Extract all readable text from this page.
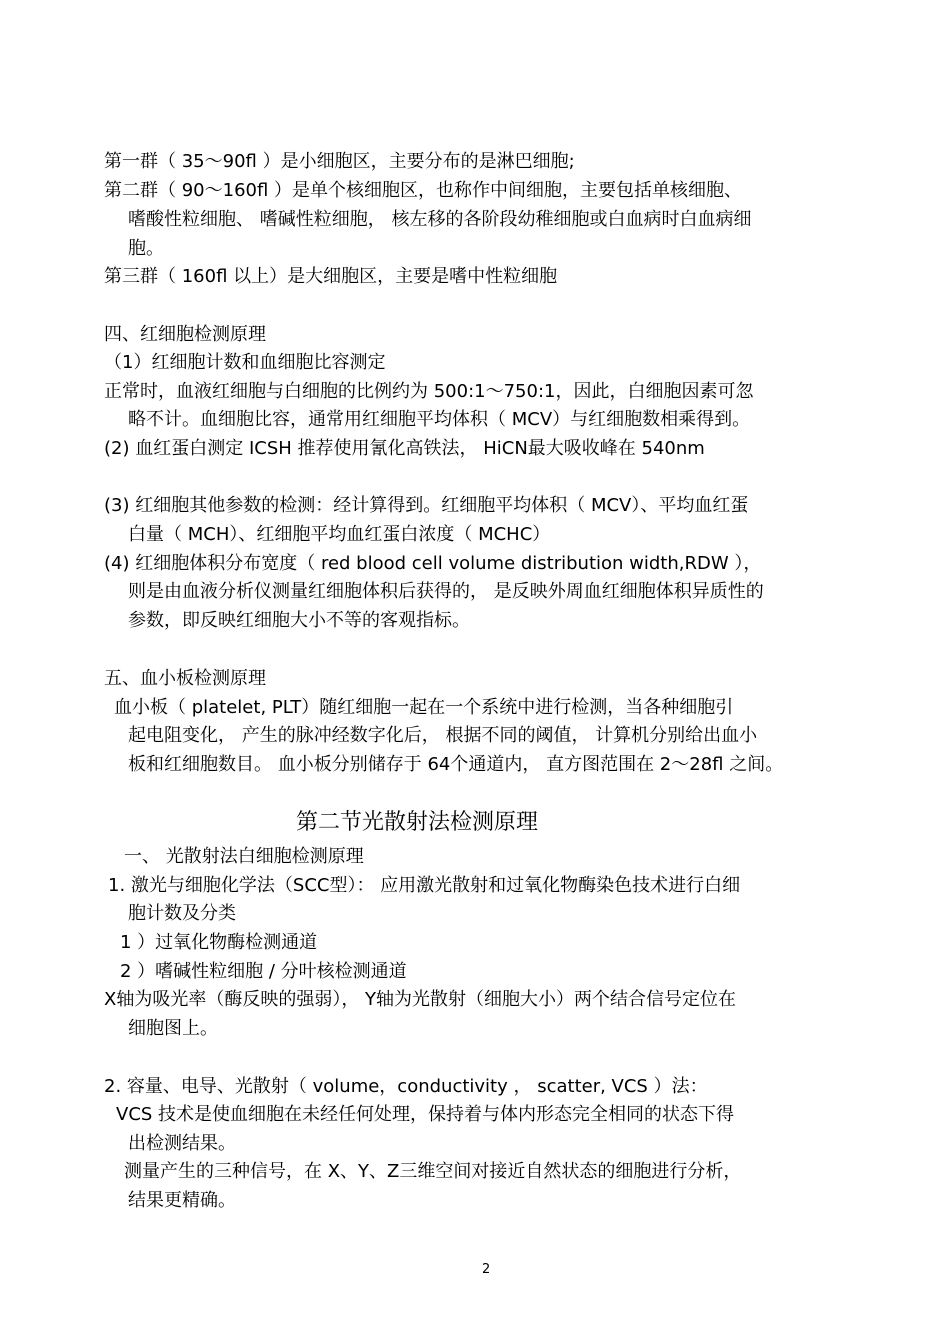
第一群（ 35～90fl ）是小细胞区，主要分布的是淋巴细胞;
第二群（ 90～160fl ）是单个核细胞区，也称作中间细胞，主要包括单核细胞、
嗜酸性粒细胞、 嗜碱性粒细胞， 核左移的各阶段幼稚细胞或白血病时白血病细
胞。
第三群（ 160fl 以上）是大细胞区，主要是嗜中性粒细胞
四、红细胞检测原理
（1）红细胞计数和血细胞比容测定
正常时，血液红细胞与白细胞的比例约为 500:1～750:1，因此，白细胞因素可忽
略不计。血细胞比容，通常用红细胞平均体积（ MCV）与红细胞数相乘得到。
(2) 血红蛋白测定 ICSH 推荐使用氰化高铁法， HiCN最大吸收峰在 540nm
(3) 红细胞其他参数的检测：经计算得到。红细胞平均体积（ MCV）、平均血红蛋
白量（ MCH）、红细胞平均血红蛋白浓度（ MCHC）
(4) 红细胞体积分布宽度（ red blood cell volume distribution width,RDW ），
则是由血液分析仪测量红细胞体积后获得的， 是反映外周血红细胞体积异质性的
参数，即反映红细胞大小不等的客观指标。
五、血小板检测原理
血小板（ platelet, PLT）随红细胞一起在一个系统中进行检测，当各种细胞引
起电阻变化， 产生的脉冲经数字化后， 根据不同的阈值， 计算机分别给出血小
板和红细胞数目。 血小板分别储存于 64个通道内， 直方图范围在 2～28fl 之间。
第二节光散射法检测原理
一、 光散射法白细胞检测原理
1. 激光与细胞化学法（SCC型）： 应用激光散射和过氧化物酶染色技术进行白细
胞计数及分类
1 ）过氧化物酶检测通道
2 ）嗜碱性粒细胞 / 分叶核检测通道
X轴为吸光率（酶反映的强弱）， Y轴为光散射（细胞大小）两个结合信号定位在
细胞图上。
2. 容量、电导、光散射（ volume，conductivity ， scatter, VCS ）法：
VCS 技术是使血细胞在未经任何处理，保持着与体内形态完全相同的状态下得
出检测结果。
测量产生的三种信号，在 X、Y、Z三维空间对接近自然状态的细胞进行分析，
结果更精确。
2
